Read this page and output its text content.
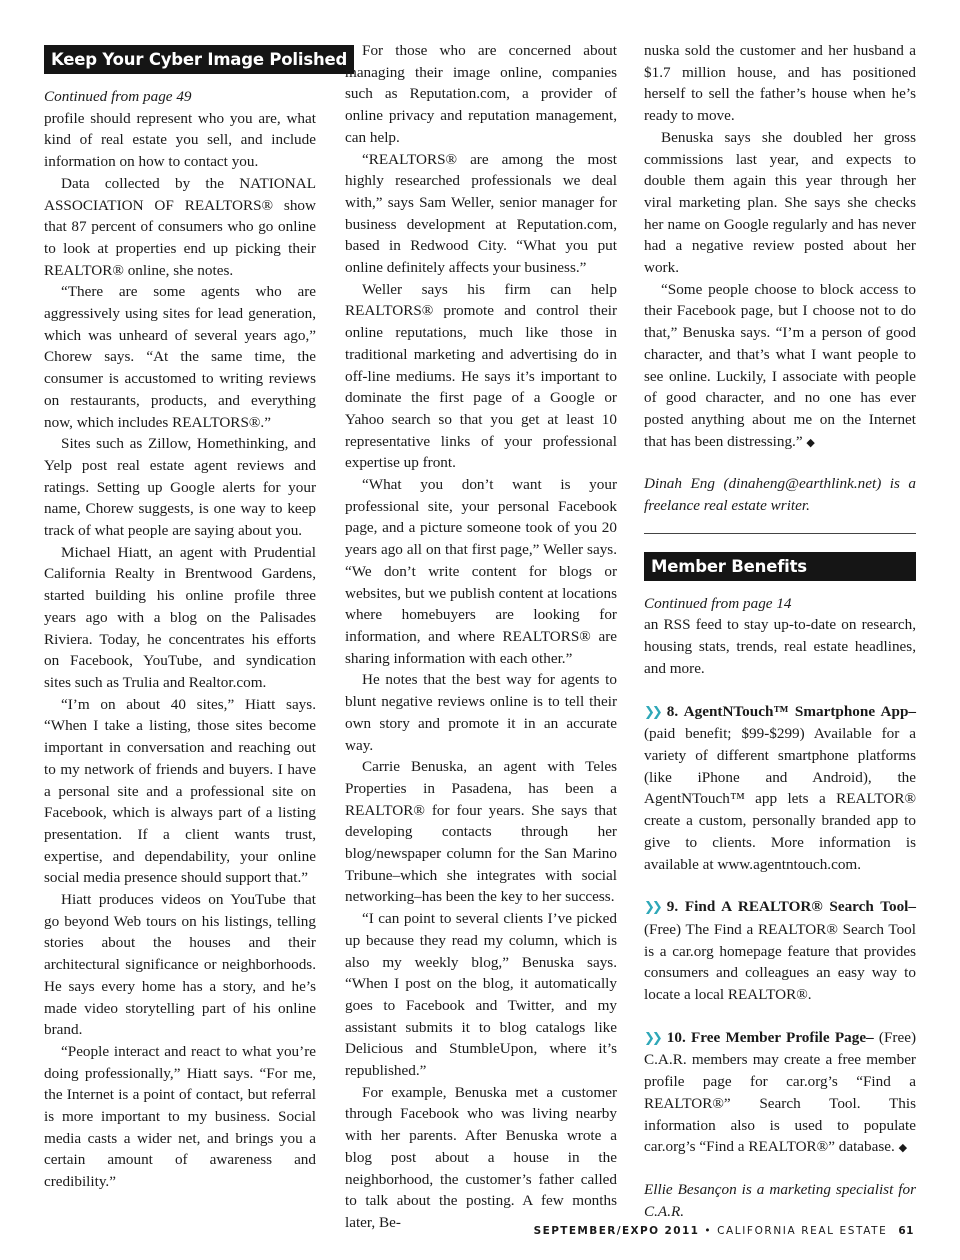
Keep Your Cyber Image Polished

Continued from page 49

profile should represent who you are, what kind of real estate you sell, and include information on how to contact you.

Data collected by the NATIONAL ASSOCIATION OF REALTORS® show that 87 percent of consumers who go online to look at properties end up picking their REALTOR® online, she notes.

“There are some agents who are aggressively using sites for lead generation, which was unheard of several years ago,” Chorew says. “At the same time, the consumer is accustomed to writing reviews on restaurants, products, and everything now, which includes REALTORS®.”

Sites such as Zillow, Homethinking, and Yelp post real estate agent reviews and ratings. Setting up Google alerts for your name, Chorew suggests, is one way to keep track of what people are saying about you.

Michael Hiatt, an agent with Prudential California Realty in Brentwood Gardens, started building his online profile three years ago with a blog on the Palisades Riviera. Today, he concentrates his efforts on Facebook, YouTube, and syndication sites such as Trulia and Realtor.com.

“I’m on about 40 sites,” Hiatt says. “When I take a listing, those sites become important in conversation and reaching out to my network of friends and buyers. I have a personal site and a professional site on Facebook, which is always part of a listing presentation. If a client wants trust, expertise, and dependability, your online social media presence should support that.”

Hiatt produces videos on YouTube that go beyond Web tours on his listings, telling stories about the houses and their architectural significance or neighborhoods. He says every home has a story, and he’s made video storytelling part of his online brand.

“People interact and react to what you’re doing professionally,” Hiatt says. “For me, the Internet is a point of contact, but referral is more important to my business. Social media casts a wider net, and brings you a certain amount of awareness and credibility.”

For those who are concerned about managing their image online, companies such as Reputation.com, a provider of online privacy and reputation management, can help.

“REALTORS® are among the most highly researched professionals we deal with,” says Sam Weller, senior manager for business development at Reputation.com, based in Redwood City. “What you put online definitely affects your business.”

Weller says his firm can help REALTORS® promote and control their online reputations, much like those in traditional marketing and advertising do in off-line mediums. He says it’s important to dominate the first page of a Google or Yahoo search so that you get at least 10 representative links of your professional expertise up front.

“What you don’t want is your professional site, your personal Facebook page, and a picture someone took of you 20 years ago all on that first page,” Weller says. “We don’t write content for blogs or websites, but we publish content at locations where homebuyers are looking for information, and where REALTORS® are sharing information with each other.”

He notes that the best way for agents to blunt negative reviews online is to tell their own story and promote it in an accurate way.

Carrie Benuska, an agent with Teles Properties in Pasadena, has been a REALTOR® for four years. She says that developing contacts through her blog/newspaper column for the San Marino Tribune–which she integrates with social networking–has been the key to her success.

“I can point to several clients I’ve picked up because they read my column, which is also my weekly blog,” Benuska says. “When I post on the blog, it automatically goes to Facebook and Twitter, and my assistant submits it to blog catalogs like Delicious and StumbleUpon, where it’s republished.”

For example, Benuska met a customer through Facebook who was living nearby with her parents. After Benuska wrote a blog post about a house in the neighborhood, the customer’s father called to talk about the posting. A few months later, Be-

nuska sold the customer and her husband a $1.7 million house, and has positioned herself to sell the father’s house when he’s ready to move.

Benuska says she doubled her gross commissions last year, and expects to double them again this year through her viral marketing plan. She says she checks her name on Google regularly and has never had a negative review posted about her work.

“Some people choose to block access to their Facebook page, but I choose not to do that,” Benuska says. “I’m a person of good character, and that’s what I want people to see online. Luckily, I associate with people of good character, and no one has ever posted anything about me on the Internet that has been distressing.” ◆

Dinah Eng (dinaheng@earthlink.net) is a freelance real estate writer.

Member Benefits

Continued from page 14

an RSS feed to stay up-to-date on research, housing stats, trends, real estate headlines, and more.

❯❯ 8. AgentNTouch™ Smartphone App– (paid benefit; $99-$299) Available for a variety of different smartphone platforms (like iPhone and Android), the AgentNTouch™ app lets a REALTOR® create a custom, personally branded app to give to clients. More information is available at www.agentntouch.com.

❯❯ 9. Find A REALTOR® Search Tool– (Free) The Find a REALTOR® Search Tool is a car.org homepage feature that provides consumers and colleagues an easy way to locate a local REALTOR®.

❯❯ 10. Free Member Profile Page– (Free) C.A.R. members may create a free member profile page for car.org’s “Find a REALTOR®” Search Tool. This information also is used to populate car.org’s “Find a REALTOR®” database. ◆

Ellie Besançon is a marketing specialist for C.A.R.

SEPTEMBER/EXPO 2011 • CALIFORNIA REAL ESTATE 61
